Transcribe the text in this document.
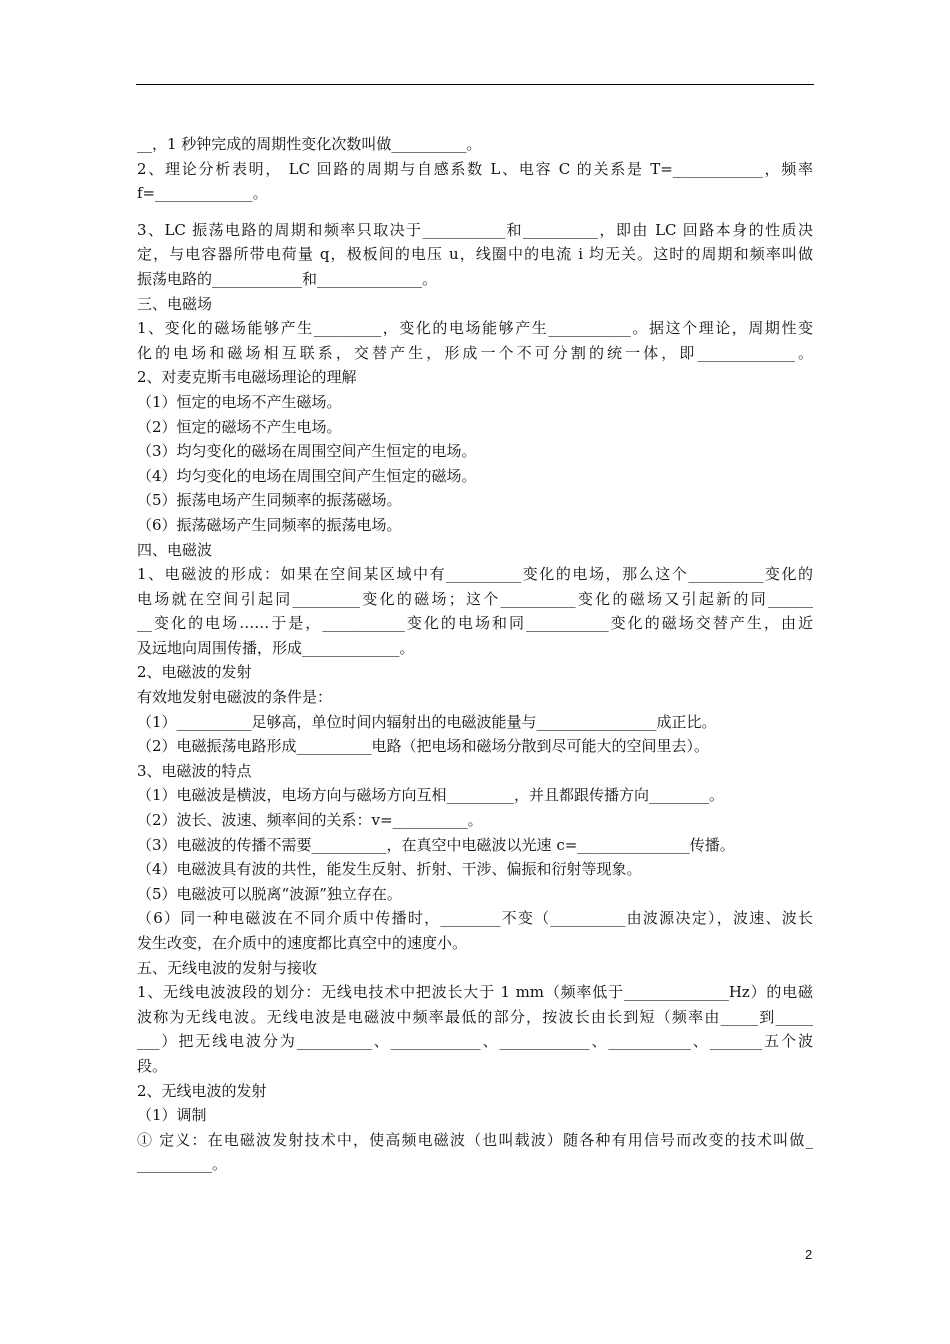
__，1 秒钟完成的周期性变化次数叫做__________。
2、理论分析表明， LC 回路的周期与自感系数 L、电容 C 的关系是 T=____________，频率
f=_____________。
3、LC 振荡电路的周期和频率只取决于___________和__________，即由 LC 回路本身的性质决
定，与电容器所带电荷量 q，极板间的电压 u，线圈中的电流 i 均无关。这时的周期和频率叫做
振荡电路的____________和______________。
三、电磁场
1、变化的磁场能够产生_________，变化的电场能够产生___________。据这个理论，周期性变
化的电场和磁场相互联系，交替产生，形成一个不可分割的统一体，即_____________。
2、对麦克斯韦电磁场理论的理解
（1）恒定的电场不产生磁场。
（2）恒定的磁场不产生电场。
（3）均匀变化的磁场在周围空间产生恒定的电场。
（4）均匀变化的电场在周围空间产生恒定的磁场。
（5）振荡电场产生同频率的振荡磁场。
（6）振荡磁场产生同频率的振荡电场。
四、电磁波
1、电磁波的形成：如果在空间某区域中有__________变化的电场，那么这个__________变化的
电场就在空间引起同_________变化的磁场；这个__________变化的磁场又引起新的同______
__变化的电场……于是，___________变化的电场和同___________变化的磁场交替产生，由近
及远地向周围传播，形成_____________。
2、电磁波的发射
有效地发射电磁波的条件是：
（1）__________足够高，单位时间内辐射出的电磁波能量与________________成正比。
（2）电磁振荡电路形成__________电路（把电场和磁场分散到尽可能大的空间里去）。
3、电磁波的特点
（1）电磁波是横波，电场方向与磁场方向互相_________，并且都跟传播方向________。
（2）波长、波速、频率间的关系：v=__________。
（3）电磁波的传播不需要__________，在真空中电磁波以光速 c=_______________传播。
（4）电磁波具有波的共性，能发生反射、折射、干涉、偏振和衍射等现象。
（5）电磁波可以脱离“波源”独立存在。
（6）同一种电磁波在不同介质中传播时，________不变（__________由波源决定），波速、波长
发生改变，在介质中的速度都比真空中的速度小。
五、无线电波的发射与接收
1、无线电波波段的划分：无线电技术中把波长大于 1 mm（频率低于______________Hz）的电磁
波称为无线电波。无线电波是电磁波中频率最低的部分，按波长由长到短（频率由_____到_____
___）把无线电波分为__________、____________、____________、___________、_______五个波
段。
2、无线电波的发射
（1）调制
① 定义：在电磁波发射技术中，使高频电磁波（也叫载波）随各种有用信号而改变的技术叫做_
__________。
2
